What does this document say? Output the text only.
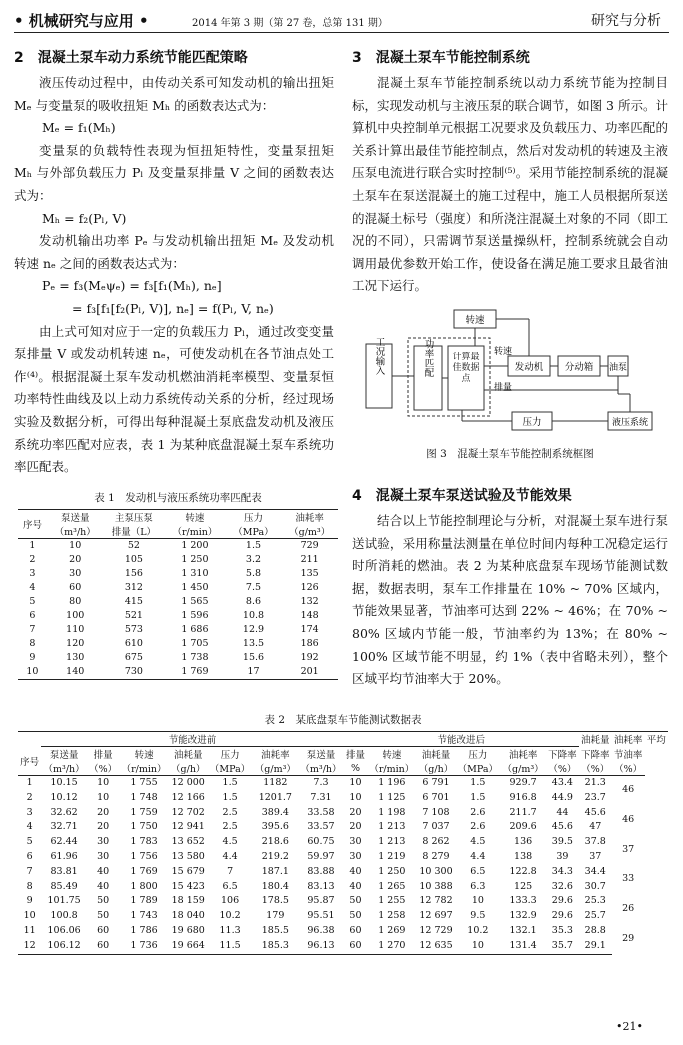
• 机械研究与应用 •	2014 年第 3 期（第 27 卷，总第 131 期）	研究与分析
2　混凝土泵车动力系统节能匹配策略

液压传动过程中，由传动关系可知发动机的输出扭矩 Mₑ 与变量泵的吸收扭矩 Mₕ 的函数表达式为：

Mₑ = f₁(Mₕ)

变量泵的负载特性表现为恒扭矩特性，变量泵扭矩 Mₕ 与外部负载压力 Pₗ 及变量泵排量 V 之间的函数表达式为：

Mₕ = f₂(Pₗ, V)

发动机输出功率 Pₑ 与发动机输出扭矩 Mₑ 及发动机转速 nₑ 之间的函数表达式为：

Pₑ = f₃(Mₑψₑ) = f₃[f₁(Mₕ), nₑ]

= f₃[f₁[f₂(Pₗ, V)], nₑ] = f(Pₗ, V, nₑ)

由上式可知对应于一定的负载压力 Pₗ，通过改变变量泵排量 V 或发动机转速 nₑ，可使发动机在各节油点处工作⁽⁴⁾。根据混凝土泵车发动机燃油消耗率模型、变量泵恒功率特性曲线及以上动力系统传动关系的分析，经过现场实验及数据分析，可得出每种混凝土泵底盘发动机及液压系统功率匹配对应表，表 1 为某种底盘混凝土泵车系统功率匹配表。

3　混凝土泵车节能控制系统

混凝土泵车节能控制系统以动力系统节能为控制目标，实现发动机与主液压泵的联合调节，如图 3 所示。计算机中央控制单元根据工况要求及负载压力、功率匹配的关系计算出最佳节能控制点，然后对发动机的转速及主液压泵电流进行联合实时控制⁽⁵⁾。采用节能控制系统的混凝土泵车在泵送混凝土的施工过程中，施工人员根据所泵送的混凝土标号（强度）和所浇注混凝土对象的不同（即工况的不同），只需调节泵送量操纵杆，控制系统就会自动调用最优参数开始工作，使设备在满足施工要求且最省油工况下运行。

工况输入	功率匹配	计算最佳数据点
转速
发动机
转速
排量
分动箱 油泵
液压系统
压力
图 3　混凝土泵车节能控制系统框图
4　混凝土泵车泵送试验及节能效果

结合以上节能控制理论与分析，对混凝土泵车进行泵送试验，采用称量法测量在单位时间内每种工况稳定运行时所消耗的燃油。表 2 为某种底盘泵车现场节能测试数据，数据表明，泵车工作排量在 10% ~ 70% 区域内，节能效果显著，节油率可达到 22% ~ 46%；在 70% ~ 80% 区域内节能一般，节油率约为 13%；在 80% ~ 100% 区域节能不明显，约 1%（表中省略未列），整个区域平均节油率大于 20%。

表 1　发动机与液压系统功率匹配表
序号	泵送量	主泵压泵	转速	压力	油耗率
	（m³/h）	排量（L）	（r/min）	（MPa）	（g/m³）
1	10	52	1 200	1.5	729
2	20	105	1 250	3.2	211
3	30	156	1 310	5.8	135
4	60	312	1 450	7.5	126
5	80	415	1 565	8.6	132
6	100	521	1 596	10.8	148
7	110	573	1 686	12.9	174
8	120	610	1 705	13.5	186
9	130	675	1 738	15.6	192
10	140	730	1 769	17	201
表 2　某底盘泵车节能测试数据表
	节能改进前							节能改进后						油耗量	油耗率	平均
序号	泵送量	排量	转速	油耗量	压力	油耗率	泵送量	排量	转速	油耗量	压力	油耗率	下降率	下降率	节油率	
	（m³/h）	（%）	（r/min）	（g/h）	（MPa）	（g/m³）	（m³/h）	%	（r/min）	（g/h）	（MPa）	（g/m³）	（%）	（%）	（%）	
1	10.15	10	1 755	12 000	1.5	1182	7.3	10	1 196	6 791	1.5	929.7	43.4	21.3	46	
2	10.12	10	1 748	12 166	1.5	1201.7	7.31	10	1 125	6 701	1.5	916.8	44.9	23.7		
3	32.62	20	1 759	12 702	2.5	389.4	33.58	20	1 198	7 108	2.6	211.7	44	45.6	46	
4	32.71	20	1 750	12 941	2.5	395.6	33.57	20	1 213	7 037	2.6	209.6	45.6	47		
5	62.44	30	1 783	13 652	4.5	218.6	60.75	30	1 213	8 262	4.5	136	39.5	37.8	37	
6	61.96	30	1 756	13 580	4.4	219.2	59.97	30	1 219	8 279	4.4	138	39	37		
7	83.81	40	1 769	15 679	7	187.1	83.88	40	1 250	10 300	6.5	122.8	34.3	34.4	33	
8	85.49	40	1 800	15 423	6.5	180.4	83.13	40	1 265	10 388	6.3	125	32.6	30.7		
9	101.75	50	1 789	18 159	106	178.5	95.87	50	1 255	12 782	10	133.3	29.6	25.3	26	
10	100.8	50	1 743	18 040	10.2	179	95.51	50	1 258	12 697	9.5	132.9	29.6	25.7		
11	106.06	60	1 786	19 680	11.3	185.5	96.38	60	1 269	12 729	10.2	132.1	35.3	28.8	29	
12	106.12	60	1 736	19 664	11.5	185.3	96.13	60	1 270	12 635	10	131.4	35.7	29.1		
•21•
